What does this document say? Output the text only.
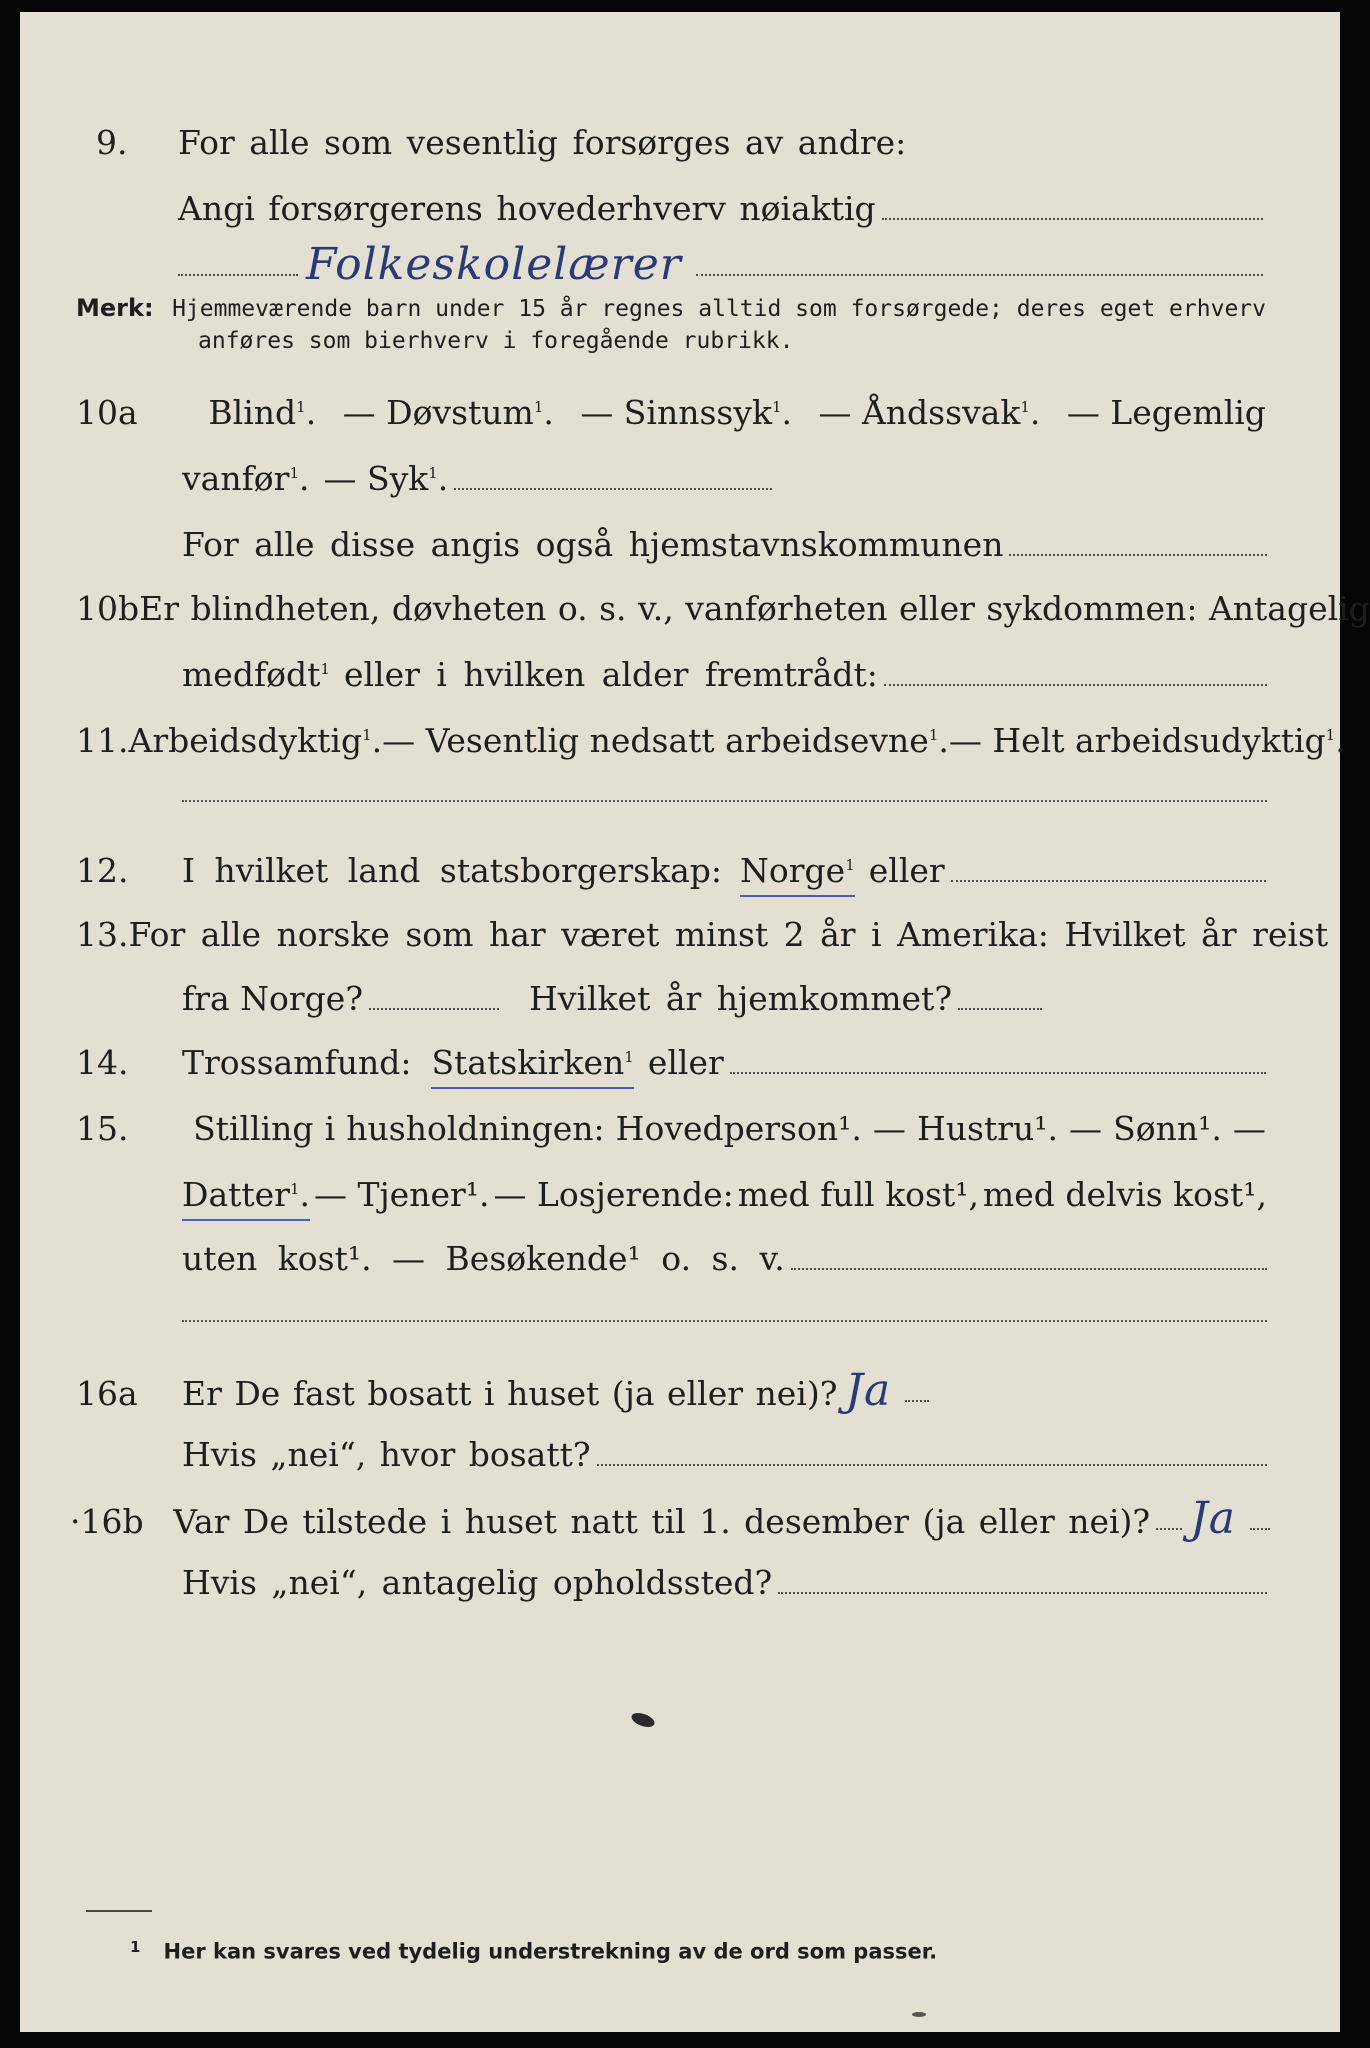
9.	For alle som vesentlig forsørges av andre:
Angi forsørgerens hovederhverv nøiaktig
Folkeskolelærer
Merk: Hjemmeværende barn under 15 år regnes alltid som forsørgede; deres eget erhverv
anføres som bierhverv i foregående rubrikk.
10a	Blind$^1$. — Døvstum$^1$. — Sinnssyk$^1$. — Åndssvak$^1$. — Legemlig
vanfør$^1$. — Syk$^1$.
For alle disse angis også hjemstavnskommunen
10b Er blindheten, døvheten o. s. v., vanførheten eller sykdommen: Antagelig
medfødt$^1$ eller i hvilken alder fremtrådt:
11. Arbeidsdyktig$^1$. — Vesentlig nedsatt arbeidsevne$^1$. — Helt arbeidsudyktig$^1$.
12.	I hvilket land statsborgerskap: Norge$^1$ eller
13. For alle norske som har været minst 2 år i Amerika: Hvilket år reist
fra Norge?	Hvilket år hjemkommet?
14.	Trossamfund: Statskirken$^1$ eller
15.	Stilling i husholdningen: Hovedperson¹. — Hustru¹. — Sønn¹. —
Datter$^1$. — Tjener¹. — Losjerende: med full kost¹, med delvis kost¹,
uten kost¹. — Besøkende¹ o. s. v.
16a	Er De fast bosatt i huset (ja eller nei)? Ja
Hvis „nei“, hvor bosatt?
·16b Var De tilstede i huset natt til 1. desember (ja eller nei)? Ja
Hvis „nei“, antagelig opholdssted?
1 Her kan svares ved tydelig understrekning av de ord som passer.
